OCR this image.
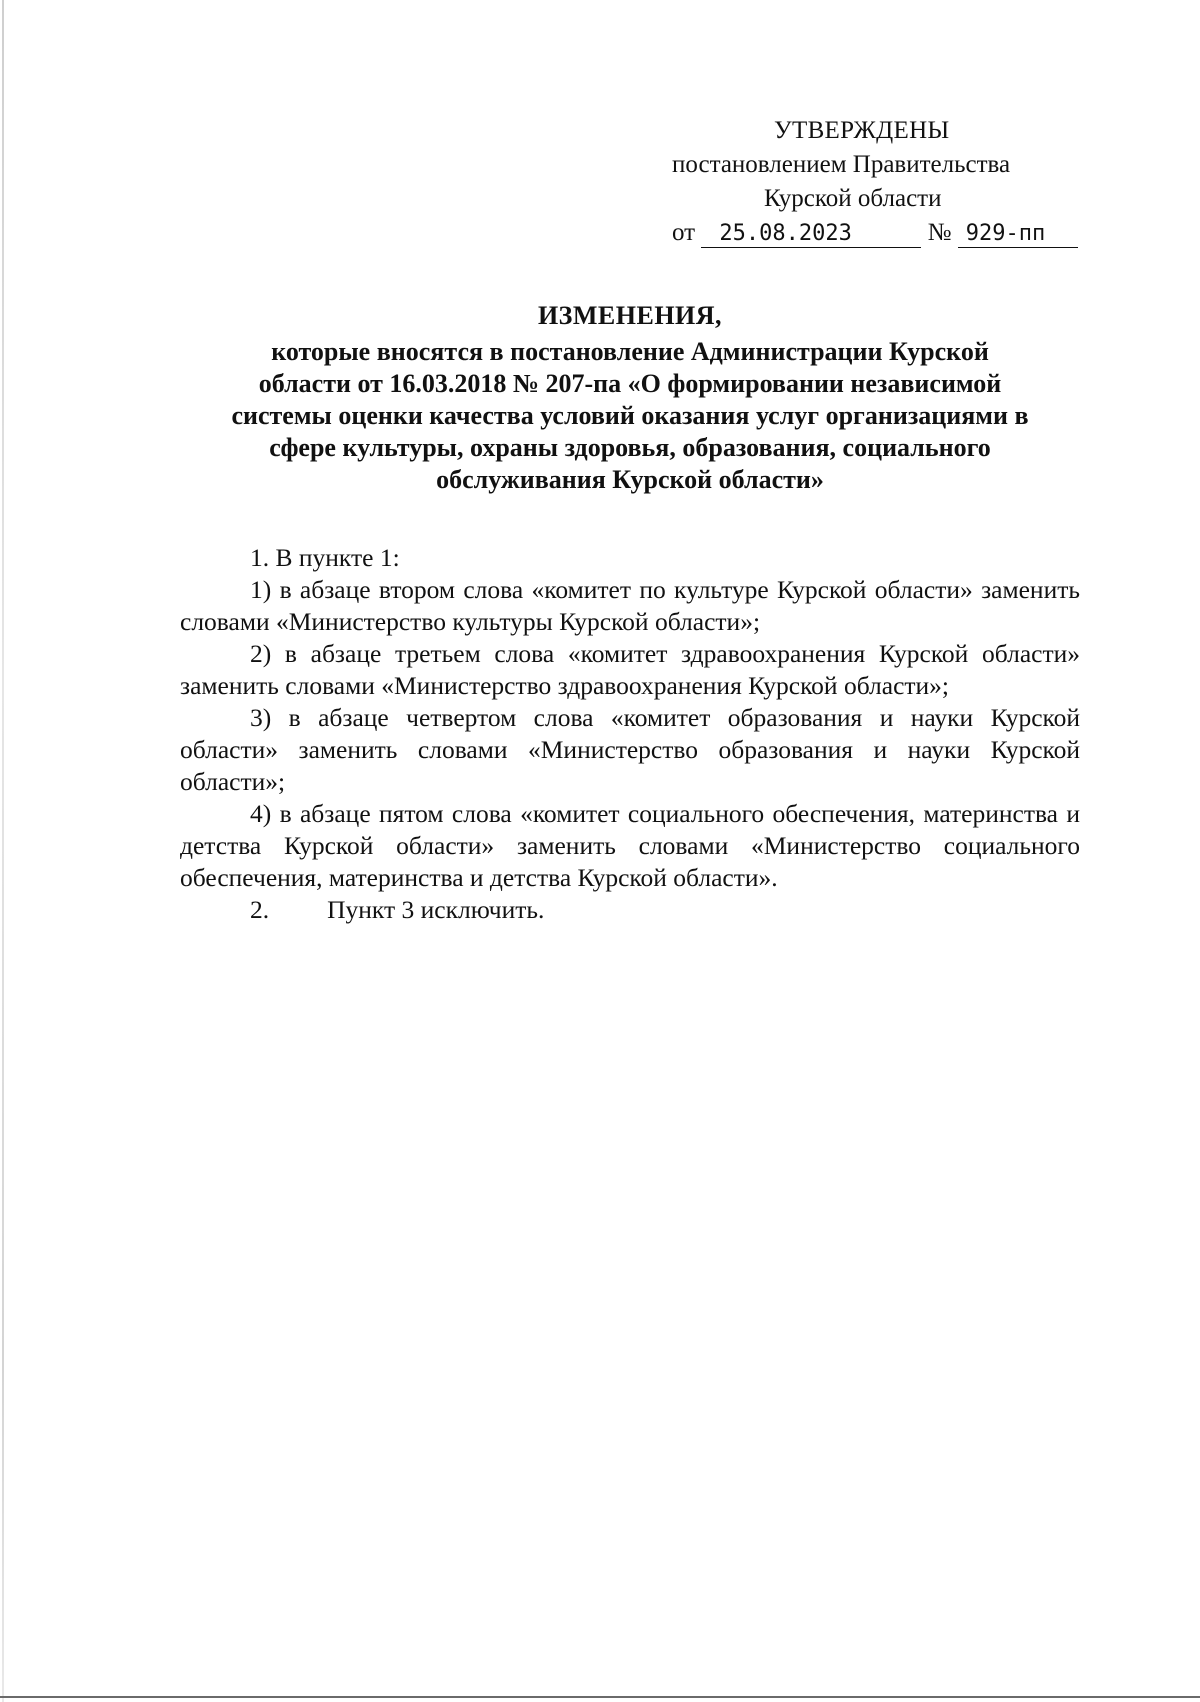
УТВЕРЖДЕНЫ
постановлением Правительства
Курской области
от 25.08.2023	№ 929-пп
ИЗМЕНЕНИЯ,
которые вносятся в постановление Администрации Курской
области от 16.03.2018 № 207-па «О формировании независимой
системы оценки качества условий оказания услуг организациями в
сфере культуры, охраны здоровья, образования, социального
обслуживания Курской области»

1. В пункте 1:

1) в абзаце втором слова «комитет по культуре Курской области» заменить словами «Министерство культуры Курской области»;

2) в абзаце третьем слова «комитет здравоохранения Курской области» заменить словами «Министерство здравоохранения Курской области»;

3) в абзаце четвертом слова «комитет образования и науки Курской области» заменить словами «Министерство образования и науки Курской области»;

4) в абзаце пятом слова «комитет социального обеспечения, материнства и детства Курской области» заменить словами «Министерство социального обеспечения, материнства и детства Курской области».

2. Пункт 3 исключить.
